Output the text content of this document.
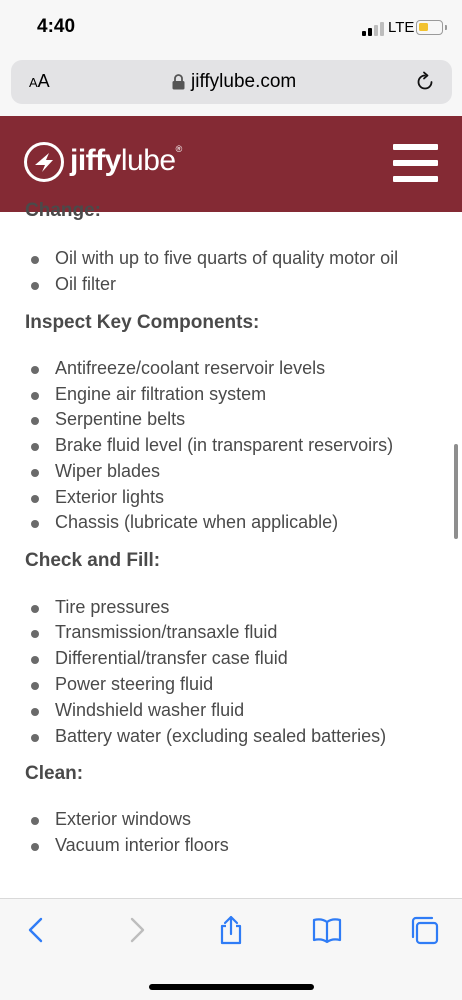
4:40	LTE
AA	jiffylube.com
jiffylube®
Change:
Oil with up to five quarts of quality motor oil
Oil filter
Inspect Key Components:
Antifreeze/coolant reservoir levels
Engine air filtration system
Serpentine belts
Brake fluid level (in transparent reservoirs)
Wiper blades
Exterior lights
Chassis (lubricate when applicable)
Check and Fill:
Tire pressures
Transmission/transaxle fluid
Differential/transfer case fluid
Power steering fluid
Windshield washer fluid
Battery water (excluding sealed batteries)
Clean:
Exterior windows
Vacuum interior floors
